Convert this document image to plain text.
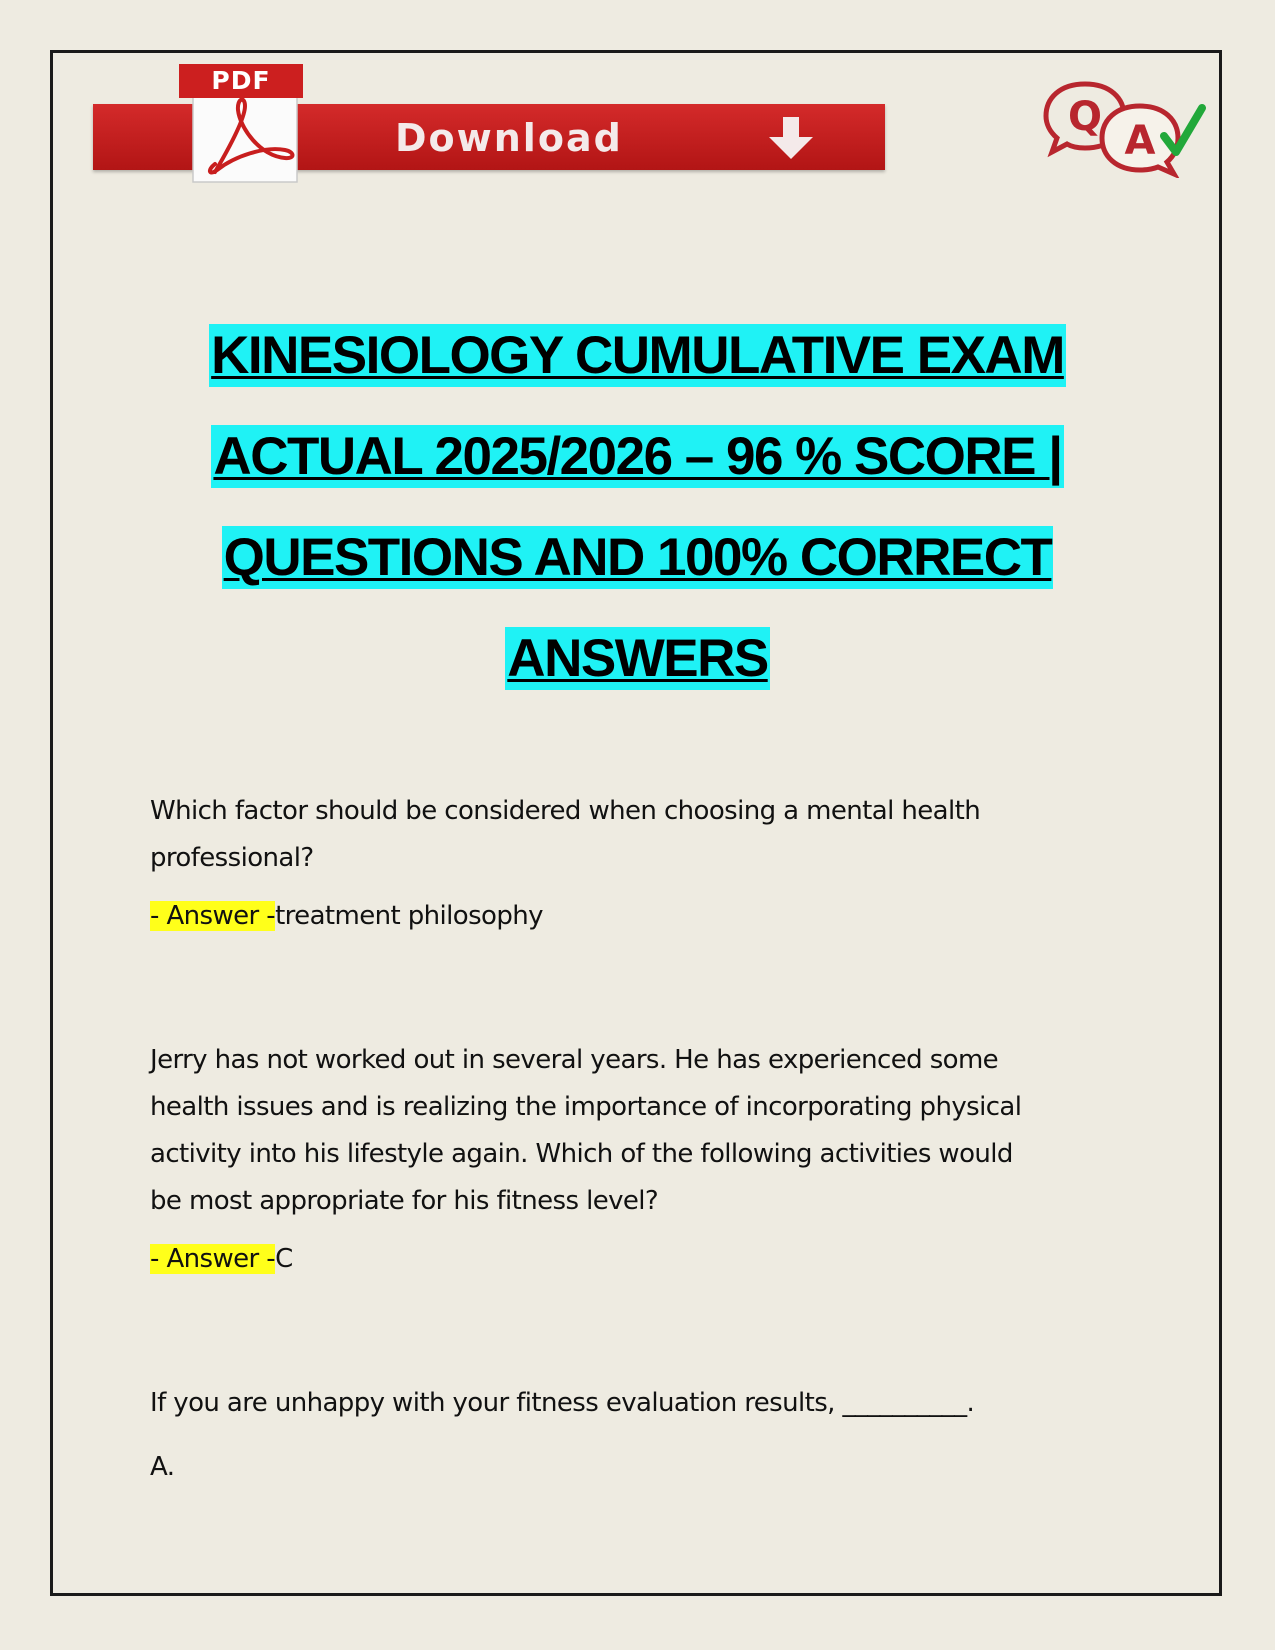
Download
PDF
Q
A
KINESIOLOGY CUMULATIVE EXAM
ACTUAL 2025/2026 – 96 % SCORE |
QUESTIONS AND 100% CORRECT
ANSWERS

Which factor should be considered when choosing a mental health
professional?

- Answer -treatment philosophy

Jerry has not worked out in several years. He has experienced some
health issues and is realizing the importance of incorporating physical
activity into his lifestyle again. Which of the following activities would
be most appropriate for his fitness level?

- Answer -C

If you are unhappy with your fitness evaluation results, __________.

A.
